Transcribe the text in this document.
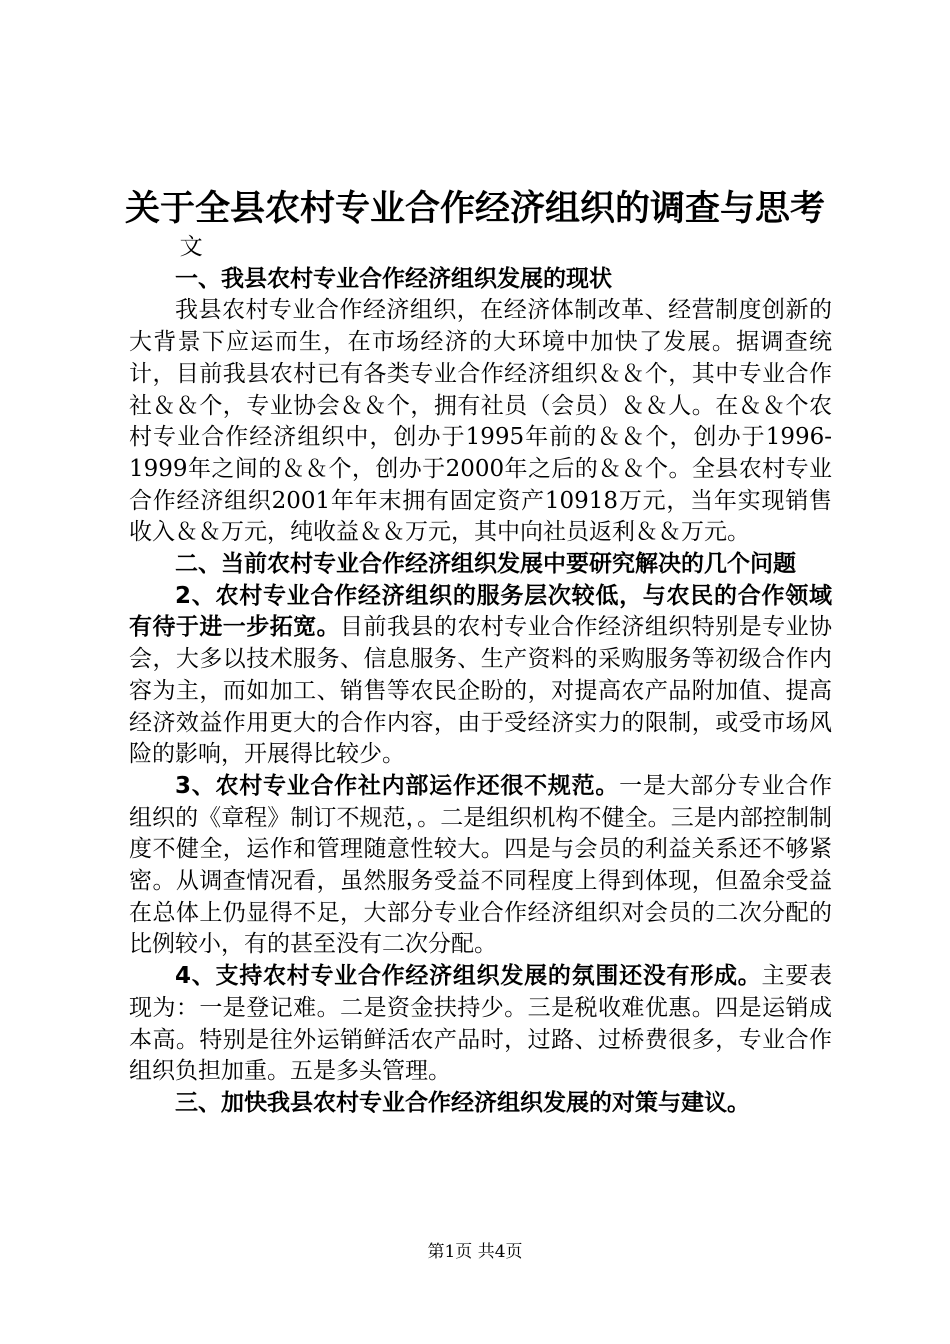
关于全县农村专业合作经济组织的调查与思考

文

一、我县农村专业合作经济组织发展的现状

我县农村专业合作经济组织，在经济体制改革、经营制度创新的大背景下应运而生，在市场经济的大环境中加快了发展。据调查统计，目前我县农村已有各类专业合作经济组织＆＆个，其中专业合作社＆＆个，专业协会＆＆个，拥有社员（会员）＆＆人。在＆＆个农村专业合作经济组织中，创办于1995年前的＆＆个，创办于1996-1999年之间的＆＆个，创办于2000年之后的＆＆个。全县农村专业合作经济组织2001年年末拥有固定资产10918万元，当年实现销售收入＆＆万元，纯收益＆＆万元，其中向社员返利＆＆万元。

二、当前农村专业合作经济组织发展中要研究解决的几个问题

2、农村专业合作经济组织的服务层次较低，与农民的合作领域有待于进一步拓宽。目前我县的农村专业合作经济组织特别是专业协会，大多以技术服务、信息服务、生产资料的采购服务等初级合作内容为主，而如加工、销售等农民企盼的，对提高农产品附加值、提高经济效益作用更大的合作内容，由于受经济实力的限制，或受市场风险的影响，开展得比较少。

3、农村专业合作社内部运作还很不规范。一是大部分专业合作组织的《章程》制订不规范，。二是组织机构不健全。三是内部控制制度不健全，运作和管理随意性较大。四是与会员的利益关系还不够紧密。从调查情况看，虽然服务受益不同程度上得到体现，但盈余受益在总体上仍显得不足，大部分专业合作经济组织对会员的二次分配的比例较小，有的甚至没有二次分配。

4、支持农村专业合作经济组织发展的氛围还没有形成。主要表现为：一是登记难。二是资金扶持少。三是税收难优惠。四是运销成本高。特别是往外运销鲜活农产品时，过路、过桥费很多，专业合作组织负担加重。五是多头管理。

三、加快我县农村专业合作经济组织发展的对策与建议。

第1页 共4页
